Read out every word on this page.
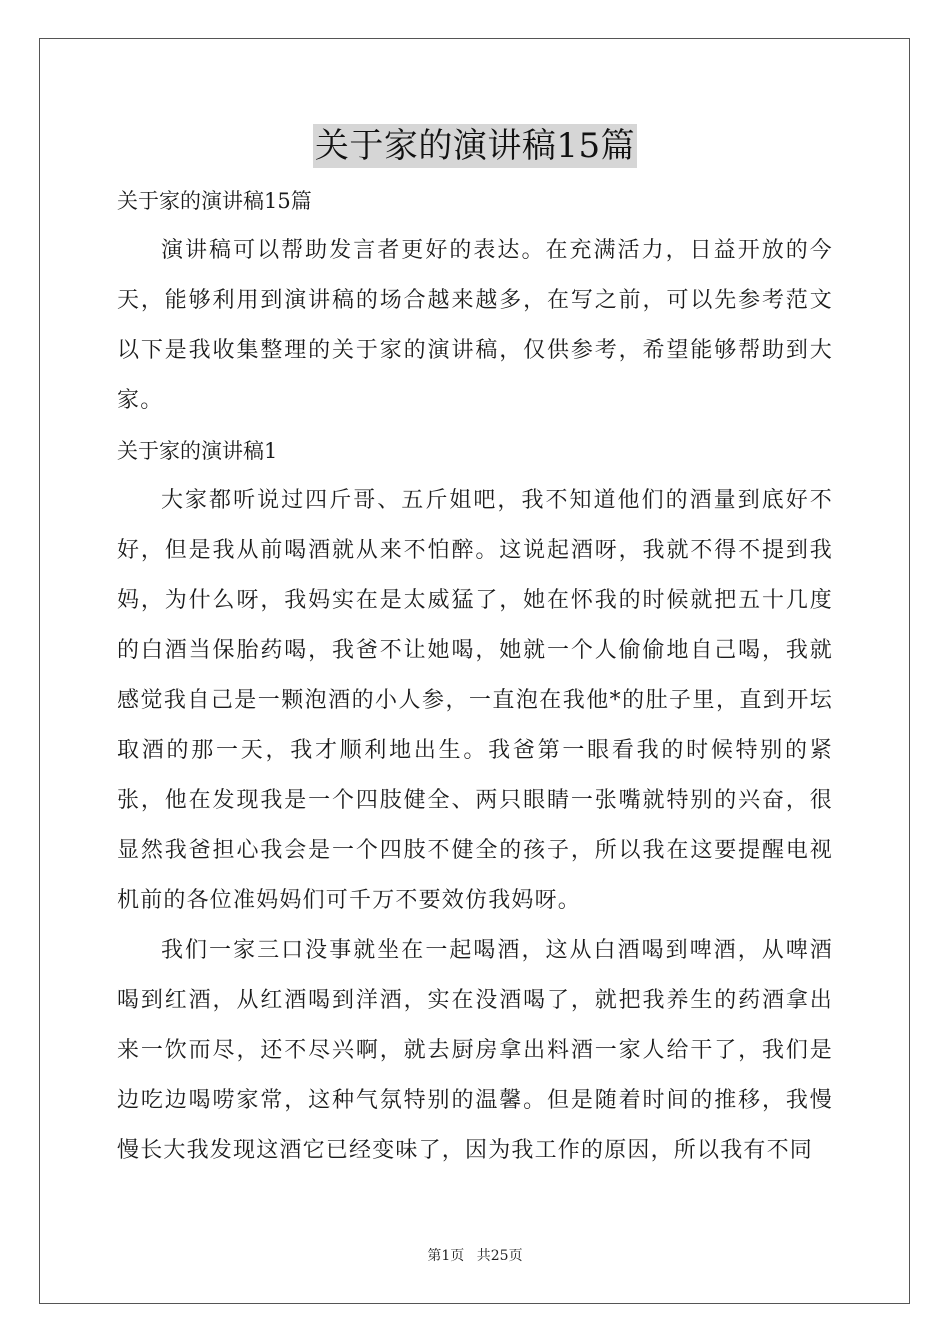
关于家的演讲稿15篇

关于家的演讲稿15篇

演讲稿可以帮助发言者更好的表达。在充满活力，日益开放的今天，能够利用到演讲稿的场合越来越多，在写之前，可以先参考范文以下是我收集整理的关于家的演讲稿，仅供参考，希望能够帮助到大家。

关于家的演讲稿1

大家都听说过四斤哥、五斤姐吧，我不知道他们的酒量到底好不好，但是我从前喝酒就从来不怕醉。这说起酒呀，我就不得不提到我妈，为什么呀，我妈实在是太威猛了，她在怀我的时候就把五十几度的白酒当保胎药喝，我爸不让她喝，她就一个人偷偷地自己喝，我就感觉我自己是一颗泡酒的小人参，一直泡在我他*的肚子里，直到开坛取酒的那一天，我才顺利地出生。我爸第一眼看我的时候特别的紧张，他在发现我是一个四肢健全、两只眼睛一张嘴就特别的兴奋，很显然我爸担心我会是一个四肢不健全的孩子，所以我在这要提醒电视机前的各位准妈妈们可千万不要效仿我妈呀。

我们一家三口没事就坐在一起喝酒，这从白酒喝到啤酒，从啤酒喝到红酒，从红酒喝到洋酒，实在没酒喝了，就把我养生的药酒拿出来一饮而尽，还不尽兴啊，就去厨房拿出料酒一家人给干了，我们是边吃边喝唠家常，这种气氛特别的温馨。但是随着时间的推移，我慢慢长大我发现这酒它已经变味了，因为我工作的原因，所以我有不同

第1页 共25页
